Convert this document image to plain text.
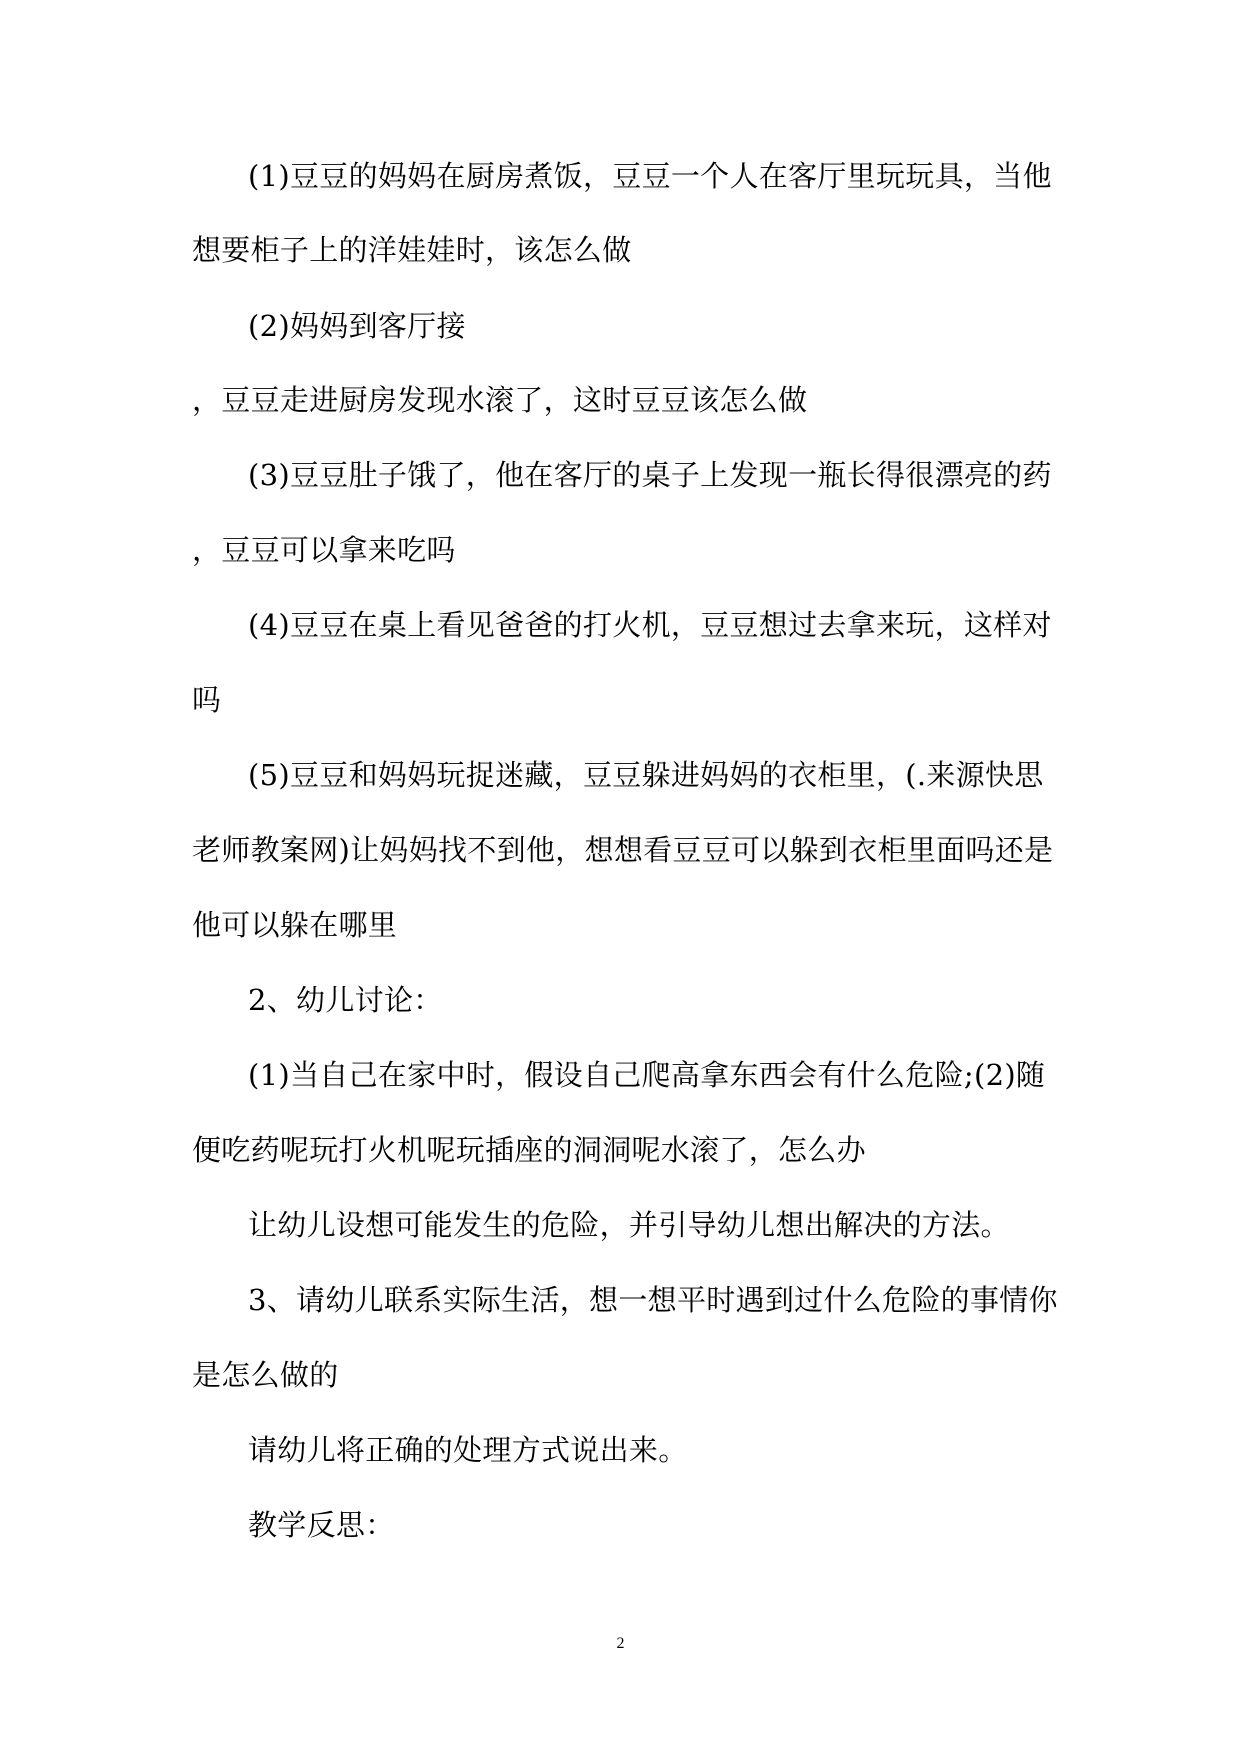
(1)豆豆的妈妈在厨房煮饭，豆豆一个人在客厅里玩玩具，当他
想要柜子上的洋娃娃时，该怎么做
(2)妈妈到客厅接
，豆豆走进厨房发现水滚了，这时豆豆该怎么做
(3)豆豆肚子饿了，他在客厅的桌子上发现一瓶长得很漂亮的药
，豆豆可以拿来吃吗
(4)豆豆在桌上看见爸爸的打火机，豆豆想过去拿来玩，这样对
吗
(5)豆豆和妈妈玩捉迷藏，豆豆躲进妈妈的衣柜里，(.来源快思
老师教案网)让妈妈找不到他，想想看豆豆可以躲到衣柜里面吗还是
他可以躲在哪里
2、幼儿讨论：
(1)当自己在家中时，假设自己爬高拿东西会有什么危险;(2)随
便吃药呢玩打火机呢玩插座的洞洞呢水滚了，怎么办
让幼儿设想可能发生的危险，并引导幼儿想出解决的方法。
3、请幼儿联系实际生活，想一想平时遇到过什么危险的事情你
是怎么做的
请幼儿将正确的处理方式说出来。
教学反思：
2
